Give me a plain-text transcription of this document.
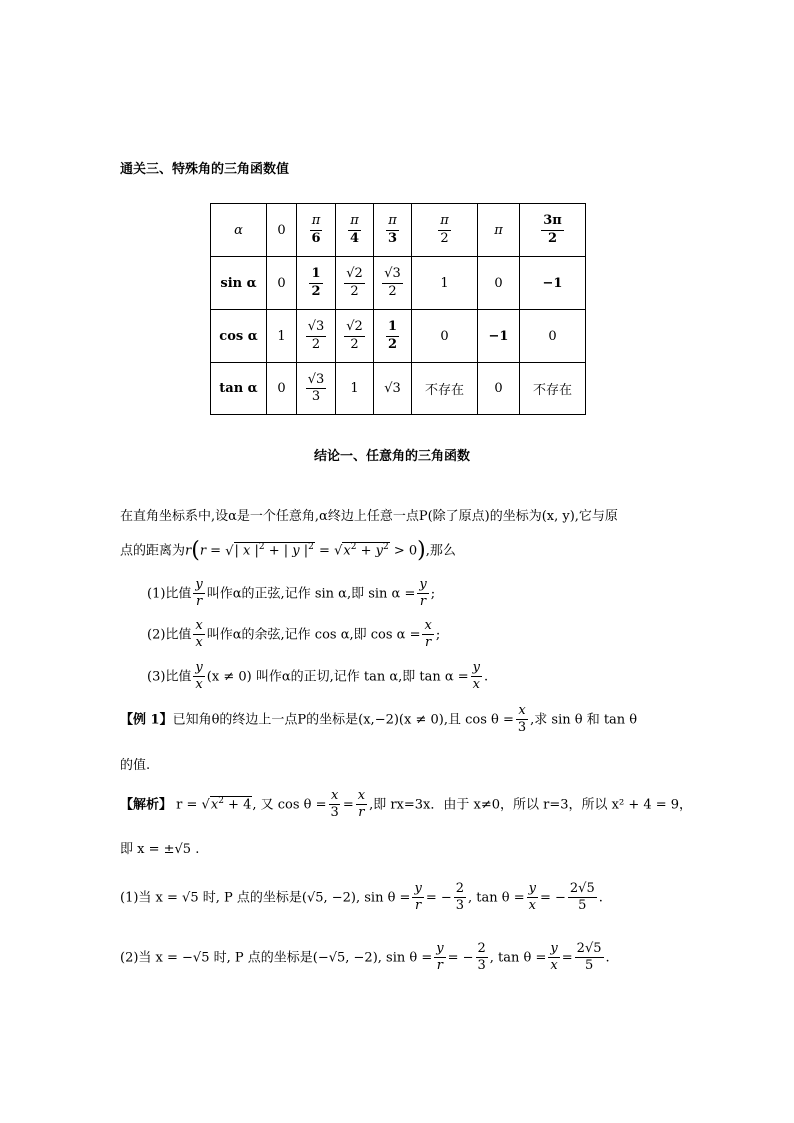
通关三、特殊角的三角函数值
α	0	$\frac{\pi}{6}$	$\frac{\pi}{4}$	$\frac{\pi}{3}$	$\frac{\pi}{2}$	π	$\frac{3\pi}{2}$

sin α	0	$\frac{1}{2}$	$\frac{√2}{2}$	$\frac{√3}{2}$	1	0	−1
cos α	1	$\frac{√3}{2}$	$\frac{√2}{2}$	$\frac{1}{2}$	0	−1	0
tan α	0	$\frac{√3}{3}$	1	√3	不存在	0	不存在
结论一、任意角的三角函数
在直角坐标系中,设α是一个任意角,α终边上任意一点P(除了原点)的坐标为(x, y),它与原
点的距离为r(r = √| x $|^2$ + | y $|^2 = √x^2 + y^2 > 0$),那么
(1)比值 $\frac{y}{r}$ 叫作α的正弦,记作 sin α,即 $\sin \alpha = \frac{y}{r}$ ;
(2)比值 $\frac{x}{x}$ 叫作α的余弦,记作 cos α,即 $\cos \alpha = \frac{x}{r}$ ;
(3)比值 $\frac{y}{x} (x \ne 0)$ 叫作α的正切,记作 tan α,即 $\tan \alpha = \frac{y}{x}$ .
【例 1】已知角θ的终边上一点P的坐标是(x,−2)(x ≠ 0),且 $\cos \theta = \frac{x}{3}$ ,求 sin θ 和 tan θ
的值.
【解析】 $r = √x^2 + 4$, 又 $\cos \theta = \frac{x}{3} = \frac{x}{r}$ ,即 rx=3x．由于 x≠0，所以 r=3，所以 x² + 4 = 9，
即 x = ±√5 .
(1)当 x = √5 时, P 点的坐标是(√5, −2), $\sin \theta = \frac{y}{r}$ = − $\frac{2}{3}$ , $\tan \theta = \frac{y}{x}$ = − $\frac{2√5}{5}$ .
(2)当 x = −√5 时, P 点的坐标是(−√5, −2), $\sin \theta = \frac{y}{r}$ = − $\frac{2}{3}$ , $\tan \theta = \frac{y}{x} = \frac{2√5}{5}$ .
